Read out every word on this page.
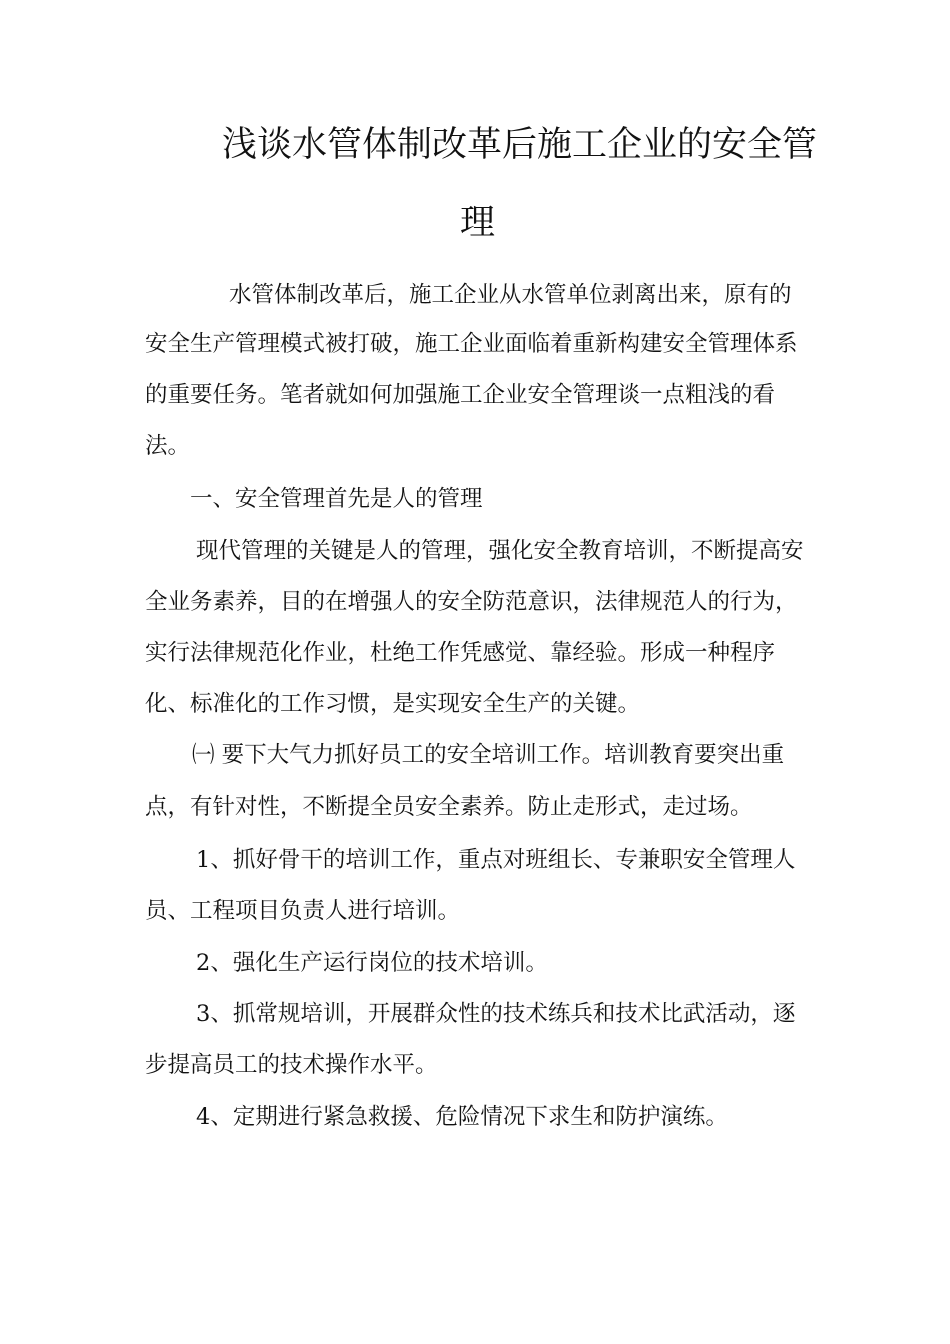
浅谈水管体制改革后施工企业的安全管
理
水管体制改革后，施工企业从水管单位剥离出来，原有的
安全生产管理模式被打破，施工企业面临着重新构建安全管理体系
的重要任务。笔者就如何加强施工企业安全管理谈一点粗浅的看
法。
一、安全管理首先是人的管理
现代管理的关键是人的管理，强化安全教育培训，不断提高安
全业务素养，目的在增强人的安全防范意识，法律规范人的行为，
实行法律规范化作业，杜绝工作凭感觉、靠经验。形成一种程序
化、标准化的工作习惯，是实现安全生产的关键。
㈠ 要下大气力抓好员工的安全培训工作。培训教育要突出重
点，有针对性，不断提全员安全素养。防止走形式，走过场。
1、抓好骨干的培训工作，重点对班组长、专兼职安全管理人
员、工程项目负责人进行培训。
2、强化生产运行岗位的技术培训。
3、抓常规培训，开展群众性的技术练兵和技术比武活动，逐
步提高员工的技术操作水平。
4、定期进行紧急救援、危险情况下求生和防护演练。
